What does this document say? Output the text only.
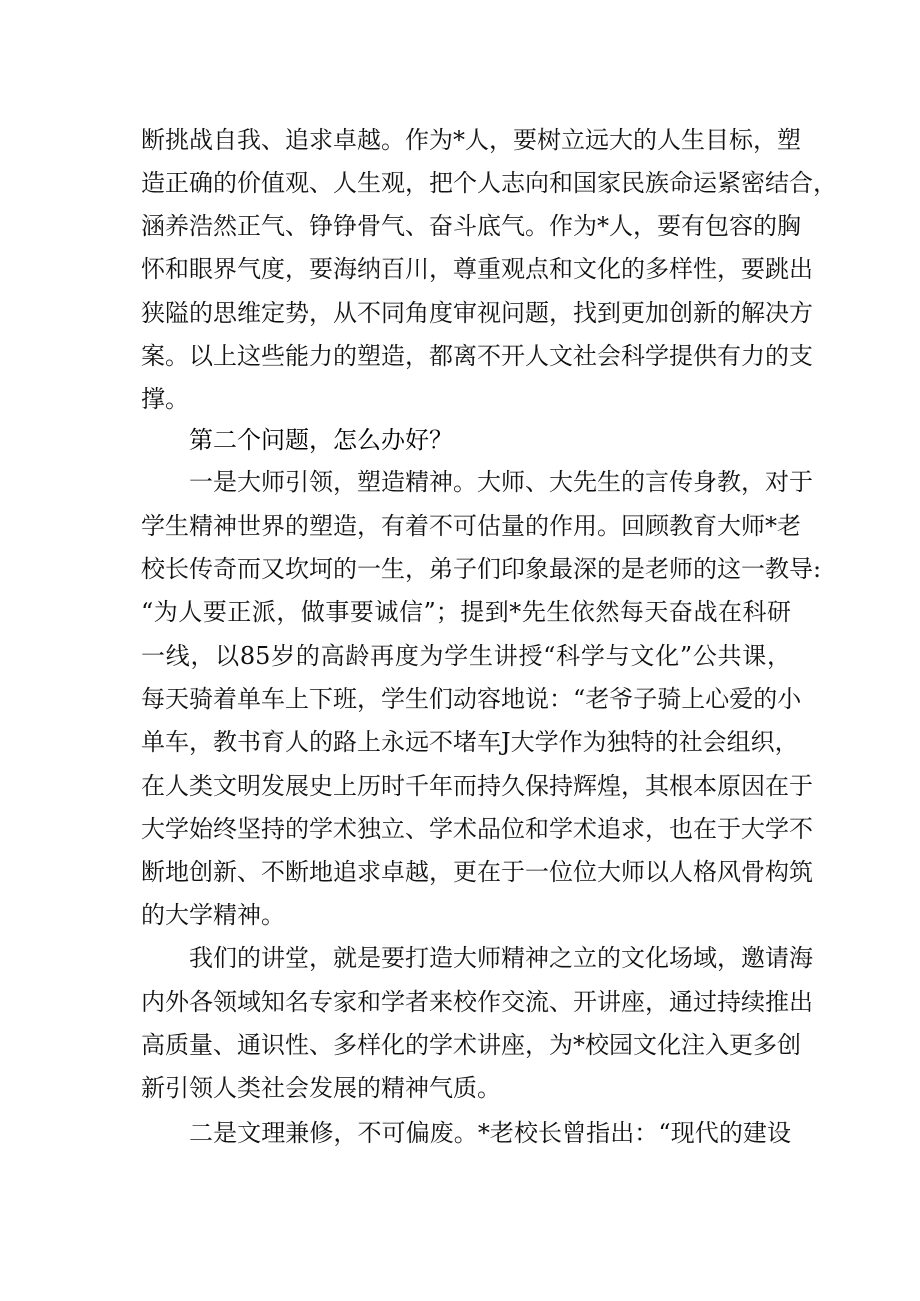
断挑战自我、追求卓越。作为*人，要树立远大的人生目标，塑
造正确的价值观、人生观，把个人志向和国家民族命运紧密结合，
涵养浩然正气、铮铮骨气、奋斗底气。作为*人，要有包容的胸
怀和眼界气度，要海纳百川，尊重观点和文化的多样性，要跳出
狭隘的思维定势，从不同角度审视问题，找到更加创新的解决方
案。以上这些能力的塑造，都离不开人文社会科学提供有力的支
撑。
第二个问题，怎么办好？
一是大师引领，塑造精神。大师、大先生的言传身教，对于
学生精神世界的塑造，有着不可估量的作用。回顾教育大师*老
校长传奇而又坎坷的一生，弟子们印象最深的是老师的这一教导:
“为人要正派，做事要诚信”；提到*先生依然每天奋战在科研
一线，以85岁的高龄再度为学生讲授“科学与文化”公共课，
每天骑着单车上下班，学生们动容地说：“老爷子骑上心爱的小
单车，教书育人的路上永远不堵车J大学作为独特的社会组织，
在人类文明发展史上历时千年而持久保持辉煌，其根本原因在于
大学始终坚持的学术独立、学术品位和学术追求，也在于大学不
断地创新、不断地追求卓越，更在于一位位大师以人格风骨构筑
的大学精神。
我们的讲堂，就是要打造大师精神之立的文化场域，邀请海
内外各领域知名专家和学者来校作交流、开讲座，通过持续推出
高质量、通识性、多样化的学术讲座，为*校园文化注入更多创
新引领人类社会发展的精神气质。
二是文理兼修，不可偏废。*老校长曾指出：“现代的建设
